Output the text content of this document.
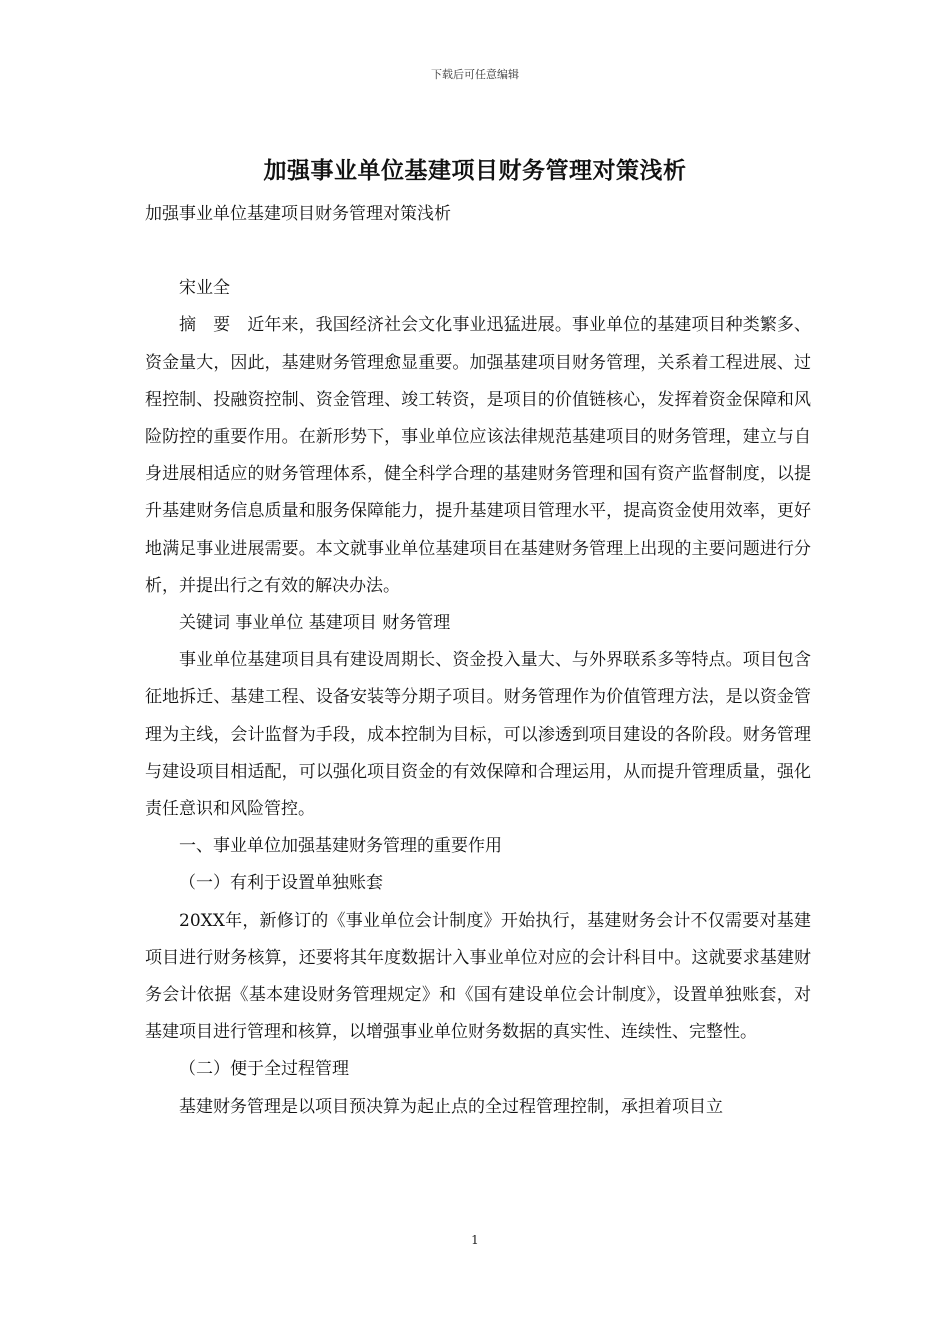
下载后可任意编辑
加强事业单位基建项目财务管理对策浅析

加强事业单位基建项目财务管理对策浅析

宋业全

摘　要　近年来，我国经济社会文化事业迅猛进展。事业单位的基建项目种类繁多、资金量大，因此，基建财务管理愈显重要。加强基建项目财务管理，关系着工程进展、过程控制、投融资控制、资金管理、竣工转资，是项目的价值链核心，发挥着资金保障和风险防控的重要作用。在新形势下，事业单位应该法律规范基建项目的财务管理，建立与自身进展相适应的财务管理体系，健全科学合理的基建财务管理和国有资产监督制度，以提升基建财务信息质量和服务保障能力，提升基建项目管理水平，提高资金使用效率，更好地满足事业进展需要。本文就事业单位基建项目在基建财务管理上出现的主要问题进行分析，并提出行之有效的解决办法。

关键词 事业单位 基建项目 财务管理

事业单位基建项目具有建设周期长、资金投入量大、与外界联系多等特点。项目包含征地拆迁、基建工程、设备安装等分期子项目。财务管理作为价值管理方法，是以资金管理为主线，会计监督为手段，成本控制为目标，可以渗透到项目建设的各阶段。财务管理与建设项目相适配，可以强化项目资金的有效保障和合理运用，从而提升管理质量，强化责任意识和风险管控。

一、事业单位加强基建财务管理的重要作用

（一）有利于设置单独账套

20XX年，新修订的《事业单位会计制度》开始执行，基建财务会计不仅需要对基建项目进行财务核算，还要将其年度数据计入事业单位对应的会计科目中。这就要求基建财务会计依据《基本建设财务管理规定》和《国有建设单位会计制度》，设置单独账套，对基建项目进行管理和核算，以增强事业单位财务数据的真实性、连续性、完整性。

（二）便于全过程管理

基建财务管理是以项目预决算为起止点的全过程管理控制，承担着项目立

1
